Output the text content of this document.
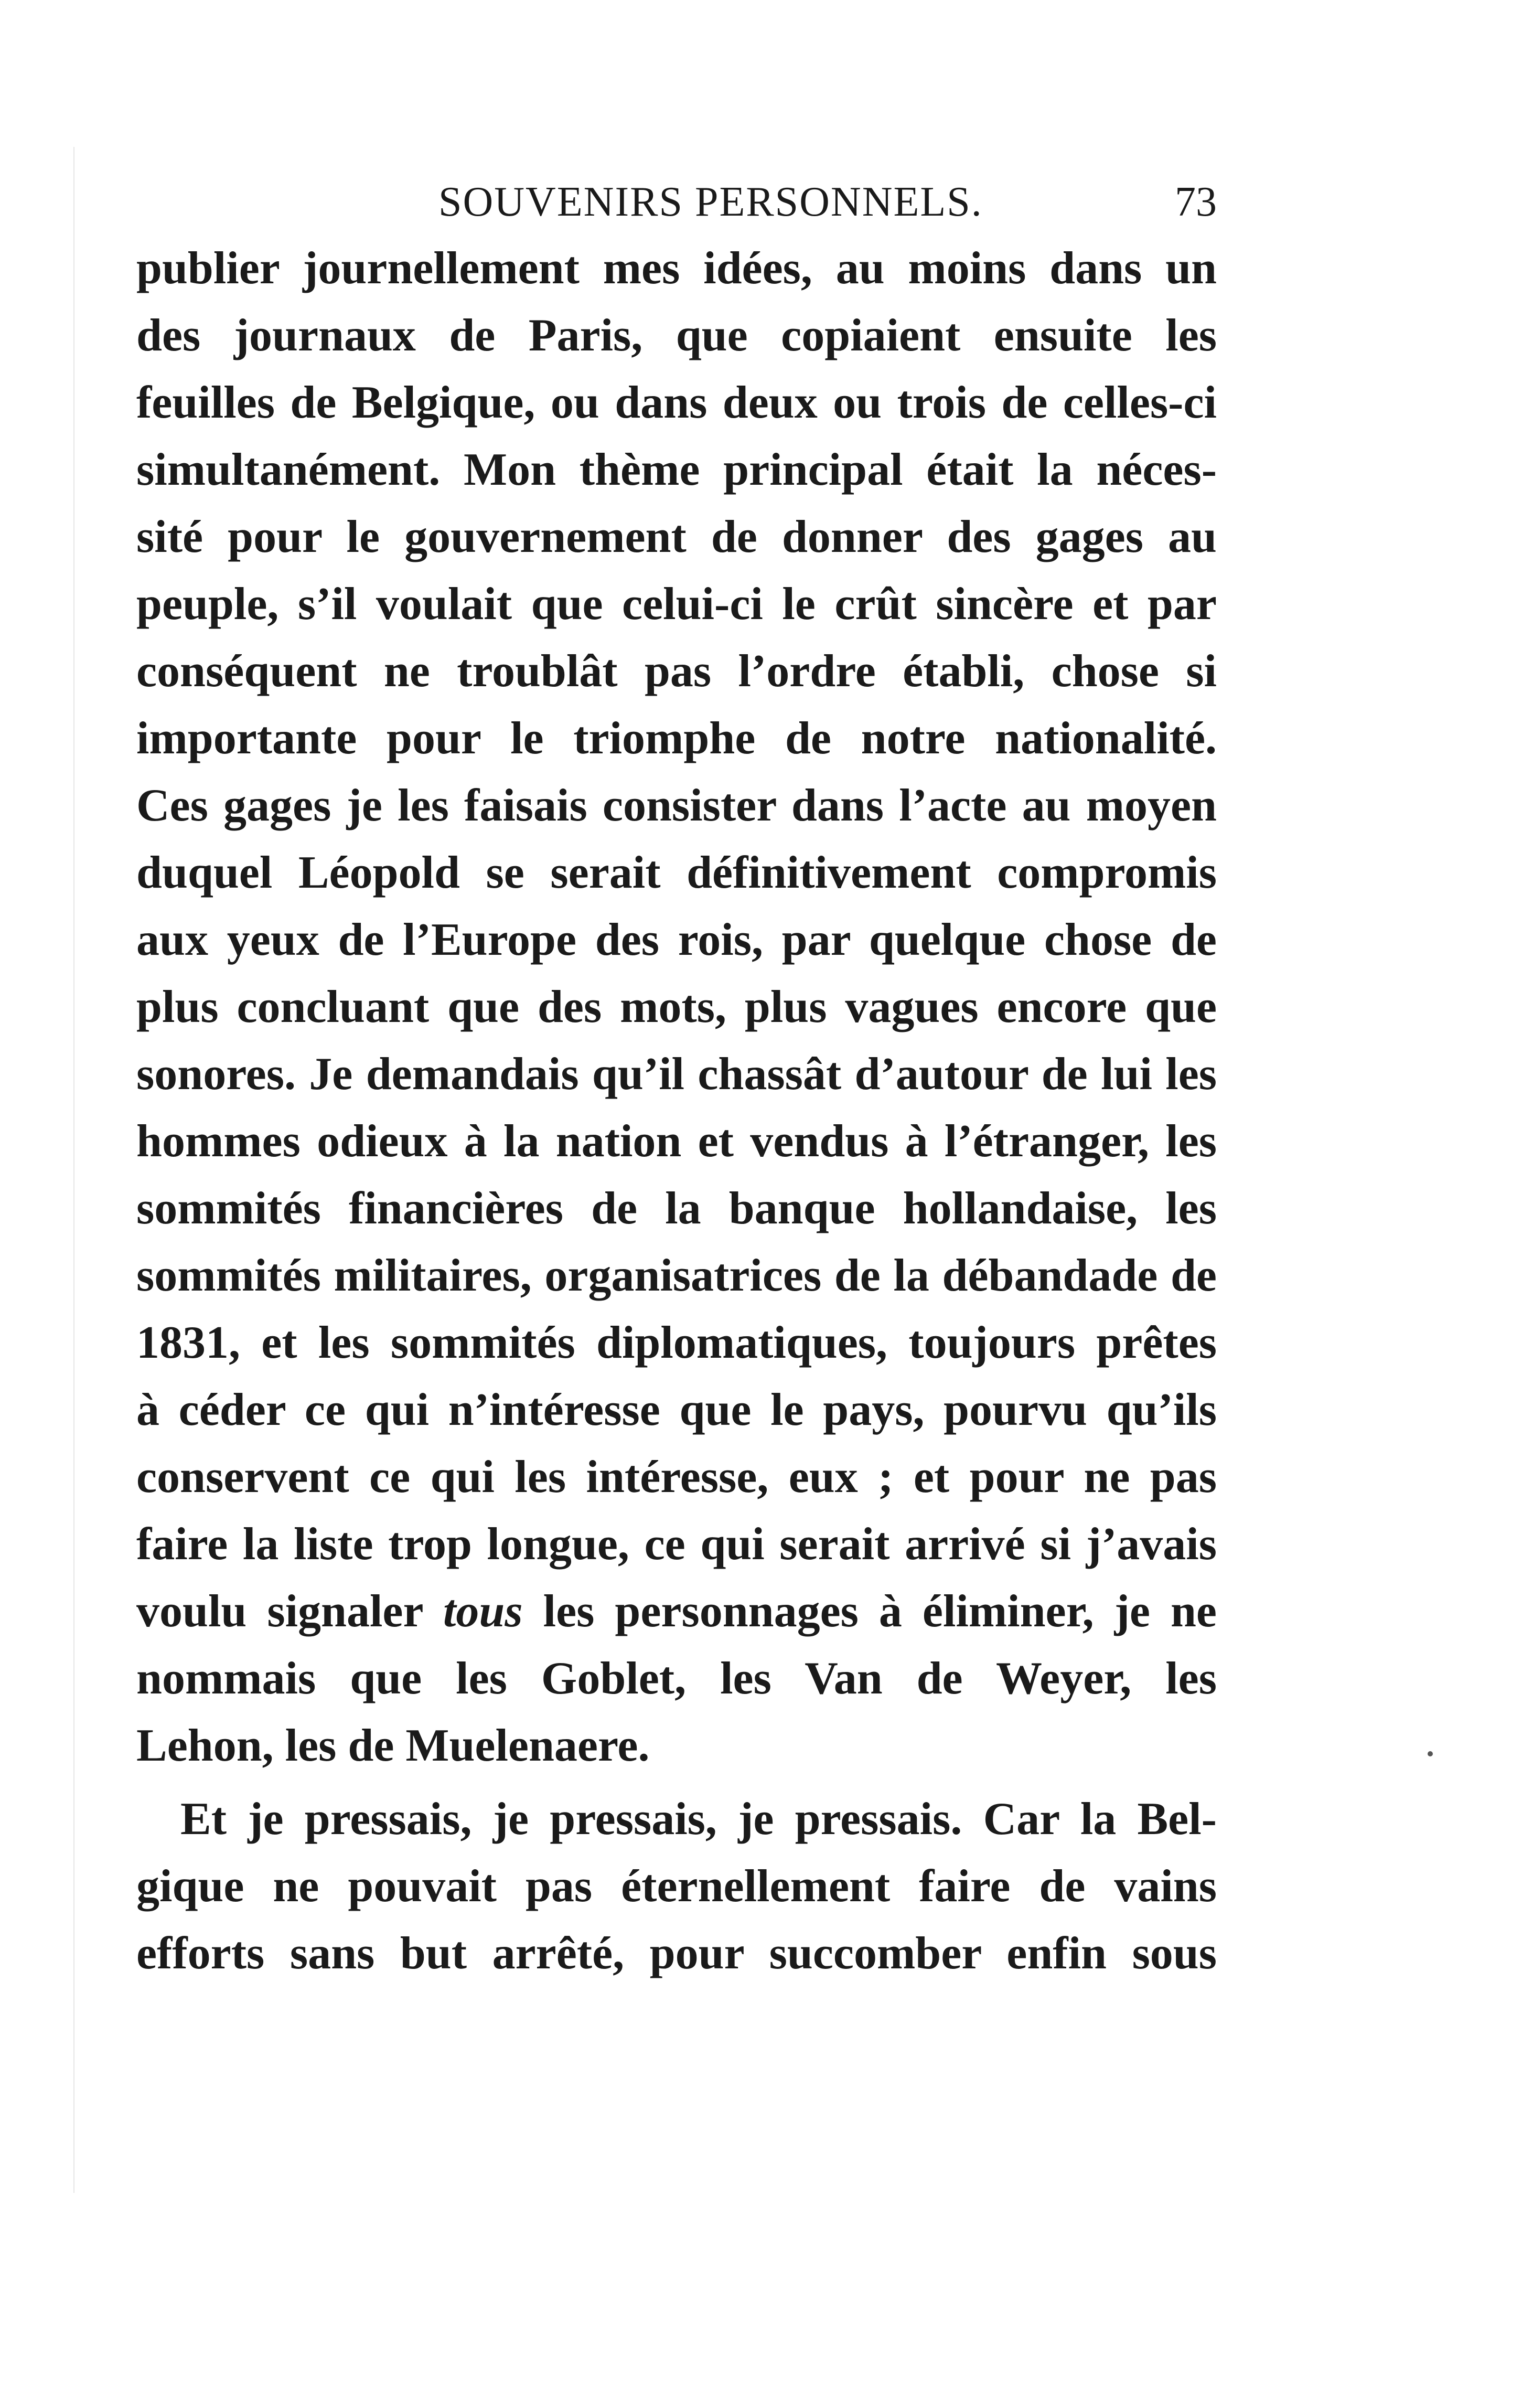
SOUVENIRS PERSONNELS.	73
publier journellement mes idées, au moins dans un
des journaux de Paris, que copiaient ensuite les
feuilles de Belgique, ou dans deux ou trois de celles-ci
simultanément. Mon thème principal était la néces-
sité pour le gouvernement de donner des gages au
peuple, s’il voulait que celui-ci le crût sincère et par
conséquent ne troublât pas l’ordre établi, chose si
importante pour le triomphe de notre nationalité.
Ces gages je les faisais consister dans l’acte au moyen
duquel Léopold se serait définitivement compromis
aux yeux de l’Europe des rois, par quelque chose de
plus concluant que des mots, plus vagues encore que
sonores. Je demandais qu’il chassât d’autour de lui les
hommes odieux à la nation et vendus à l’étranger, les
sommités financières de la banque hollandaise, les
sommités militaires, organisatrices de la débandade de
1831, et les sommités diplomatiques, toujours prêtes
à céder ce qui n’intéresse que le pays, pourvu qu’ils
conservent ce qui les intéresse, eux ; et pour ne pas
faire la liste trop longue, ce qui serait arrivé si j’avais
voulu signaler tous les personnages à éliminer, je ne
nommais que les Goblet, les Van de Weyer, les
Lehon, les de Muelenaere.
Et je pressais, je pressais, je pressais. Car la Bel-
gique ne pouvait pas éternellement faire de vains
efforts sans but arrêté, pour succomber enfin sous
